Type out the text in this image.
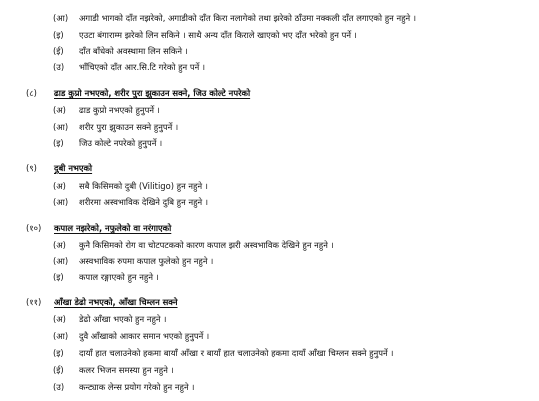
(आ) अगाडी भागको दाँत नझरेको, अगाडीको दाँत किरा नलागेको तथा झरेको ठाँउमा नक्कली दाँत लगाएको हुन नहुने ।
(इ) एउटा बंगाराम्म झरेको लिन सकिने । साथै अन्य दाँत किराले खाएको भए दाँत भरेको हुन पर्ने ।
(ई) दाँत बाँधेको अवस्थामा लिन सकिने ।
(उ) भाँचिएको दाँत आर.सि.टि गरेको हुन पर्ने ।
(८) ढाड कुप्रो नभएको, शरीर पुरा झुकाउन सक्ने, जिउ कोल्टे नपरेको
(अ) ढाड कुप्रो नभएको हुनुपर्ने ।
(आ) शरीर पुरा झुकाउन सक्ने हुनुपर्ने ।
(इ) जिउ कोल्टे नपरेको हुनुपर्ने ।
(९) दुबी नभएको
(अ) सबै किसिमको दुबी (Vilitigo) हुन नहुने ।
(आ) शरीरमा अस्वभाविक देखिने दुबि हुन नहुने ।
(१०) कपाल नझरेको, नफुलेको वा नरंगाएको
(अ) कुनै किसिमको रोग वा चोटपटकको कारण कपाल झरी अस्वभाविक देखिने हुन नहुने ।
(आ) अस्वभाविक रुपमा कपाल फुलेको हुन नहुने ।
(इ) कपाल रङ्गाएको हुन नहुने ।
(११) आँखा डेढो नभएको, आँखा चिम्लन सक्ने
(अ) डेढो आँखा भएको हुन नहुने ।
(आ) दुवै आँखाको आकार समान भएको हुनुपर्ने ।
(इ) दायाँ हात चलाउनेको हकमा बायाँ आँखा र बायाँ हात चलाउनेको हकमा दायाँ आँखा चिम्लन सक्ने हुनुपर्ने ।
(ई) कलर भिजन समस्या हुन नहुने ।
(उ) कन्ट्याक लेन्स प्रयोग गरेको हुन नहुने ।
